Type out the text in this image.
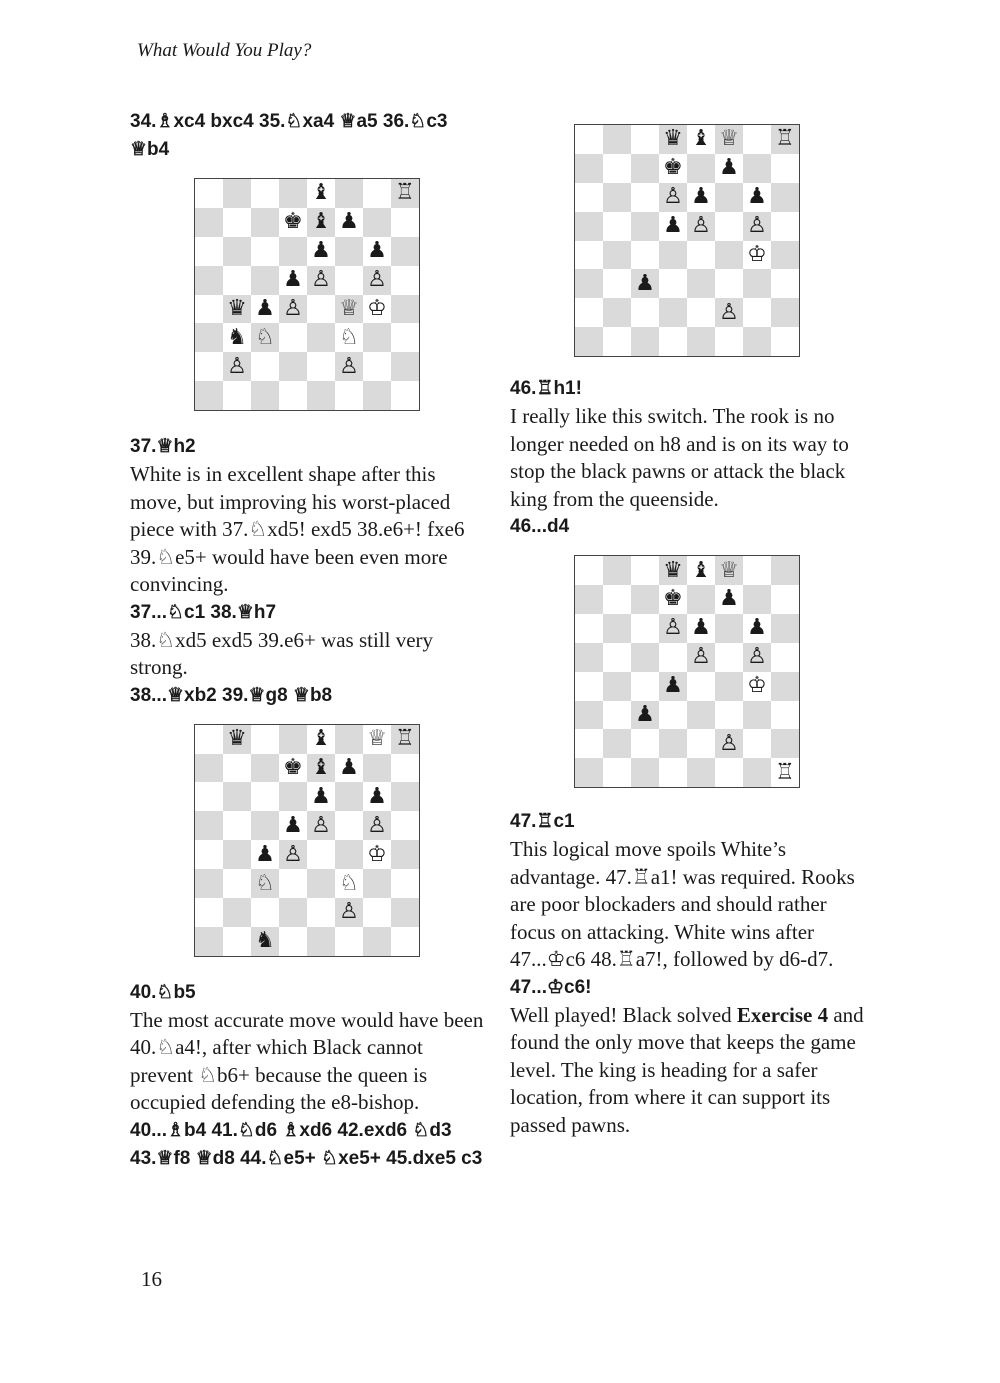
What Would You Play?

34.♗xc4 bxc4 35.♘xa4 ♕a5 36.♘c3 ♕b4

♝	♖
♚ ♝ ♟
♟ ♟
♟ ♙ ♙
♛ ♟ ♙ ♕ ♔
♞ ♘	♘
♙	♙

37.♕h2

White is in excellent shape after this move, but improving his worst-placed piece with 37.♘xd5! exd5 38.e6+! fxe6 39.♘e5+ would have been even more convincing.

37...♘c1 38.♕h7

38.♘xd5 exd5 39.e6+ was still very strong.

38...♕xb2 39.♕g8 ♕b8

♛	♝ ♕ ♖
♚ ♝ ♟
♟ ♟
♟ ♙ ♙
♟ ♙	♔
♘	♘
♙
♞

40.♘b5

The most accurate move would have been 40.♘a4!, after which Black cannot prevent ♘b6+ because the queen is occupied defending the e8-bishop.

40...♗b4 41.♘d6 ♗xd6 42.exd6 ♘d3 43.♕f8 ♕d8 44.♘e5+ ♘xe5+ 45.dxe5 c3

♛ ♝ ♕ ♖
♚ ♟
♙ ♟ ♟
♟ ♙ ♙
♔
♟
♙

46.♖h1!

I really like this switch. The rook is no longer needed on h8 and is on its way to stop the black pawns or attack the black king from the queenside.

46...d4

♛ ♝ ♕
♚ ♟
♙ ♟ ♟
♙ ♙
♟	♔
♟
♙
♖

47.♖c1

This logical move spoils White’s advantage. 47.♖a1! was required. Rooks are poor blockaders and should rather focus on attacking. White wins after 47...♔c6 48.♖a7!, followed by d6-d7.

47...♔c6!

Well played! Black solved Exercise 4 and found the only move that keeps the game level. The king is heading for a safer location, from where it can support its passed pawns.

16
